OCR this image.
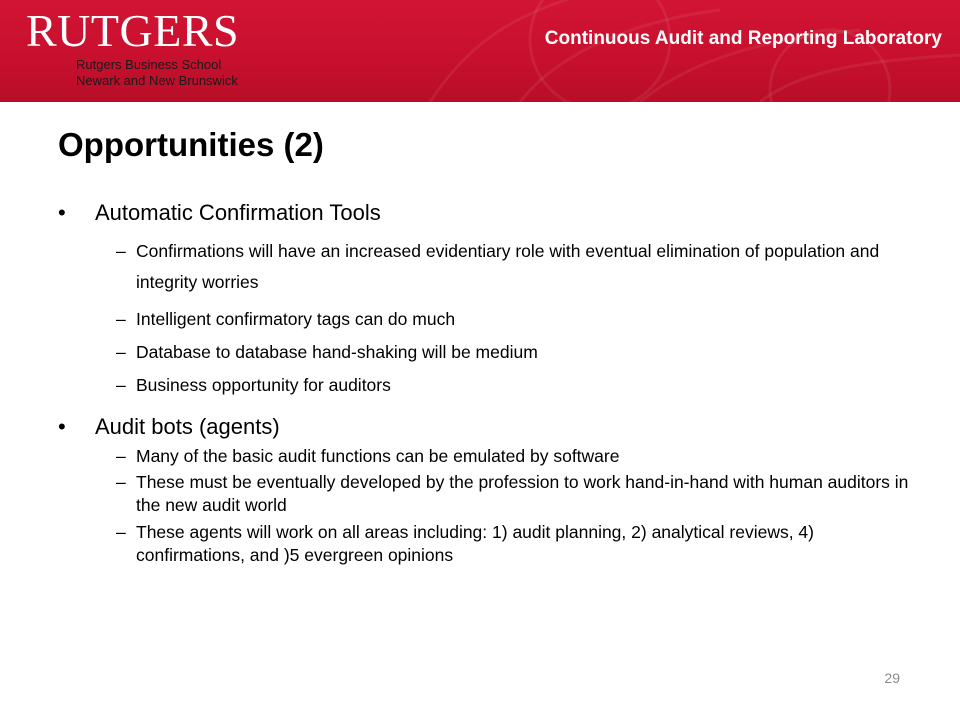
RUTGERS
Rutgers Business School
Newark and New Brunswick
Continuous Audit and Reporting Laboratory
Opportunities (2)
• Automatic Confirmation Tools
– Confirmations will have an increased evidentiary role with eventual elimination of population and integrity worries
– Intelligent confirmatory tags can do much
– Database to database hand-shaking will be medium
– Business opportunity for auditors
• Audit bots (agents)
– Many of the basic audit functions can be emulated by software
– These must be eventually developed by the profession to work hand-in-hand with human auditors in the new audit world
– These agents will work on all areas including: 1) audit planning, 2) analytical reviews, 4) confirmations, and )5 evergreen opinions
29
